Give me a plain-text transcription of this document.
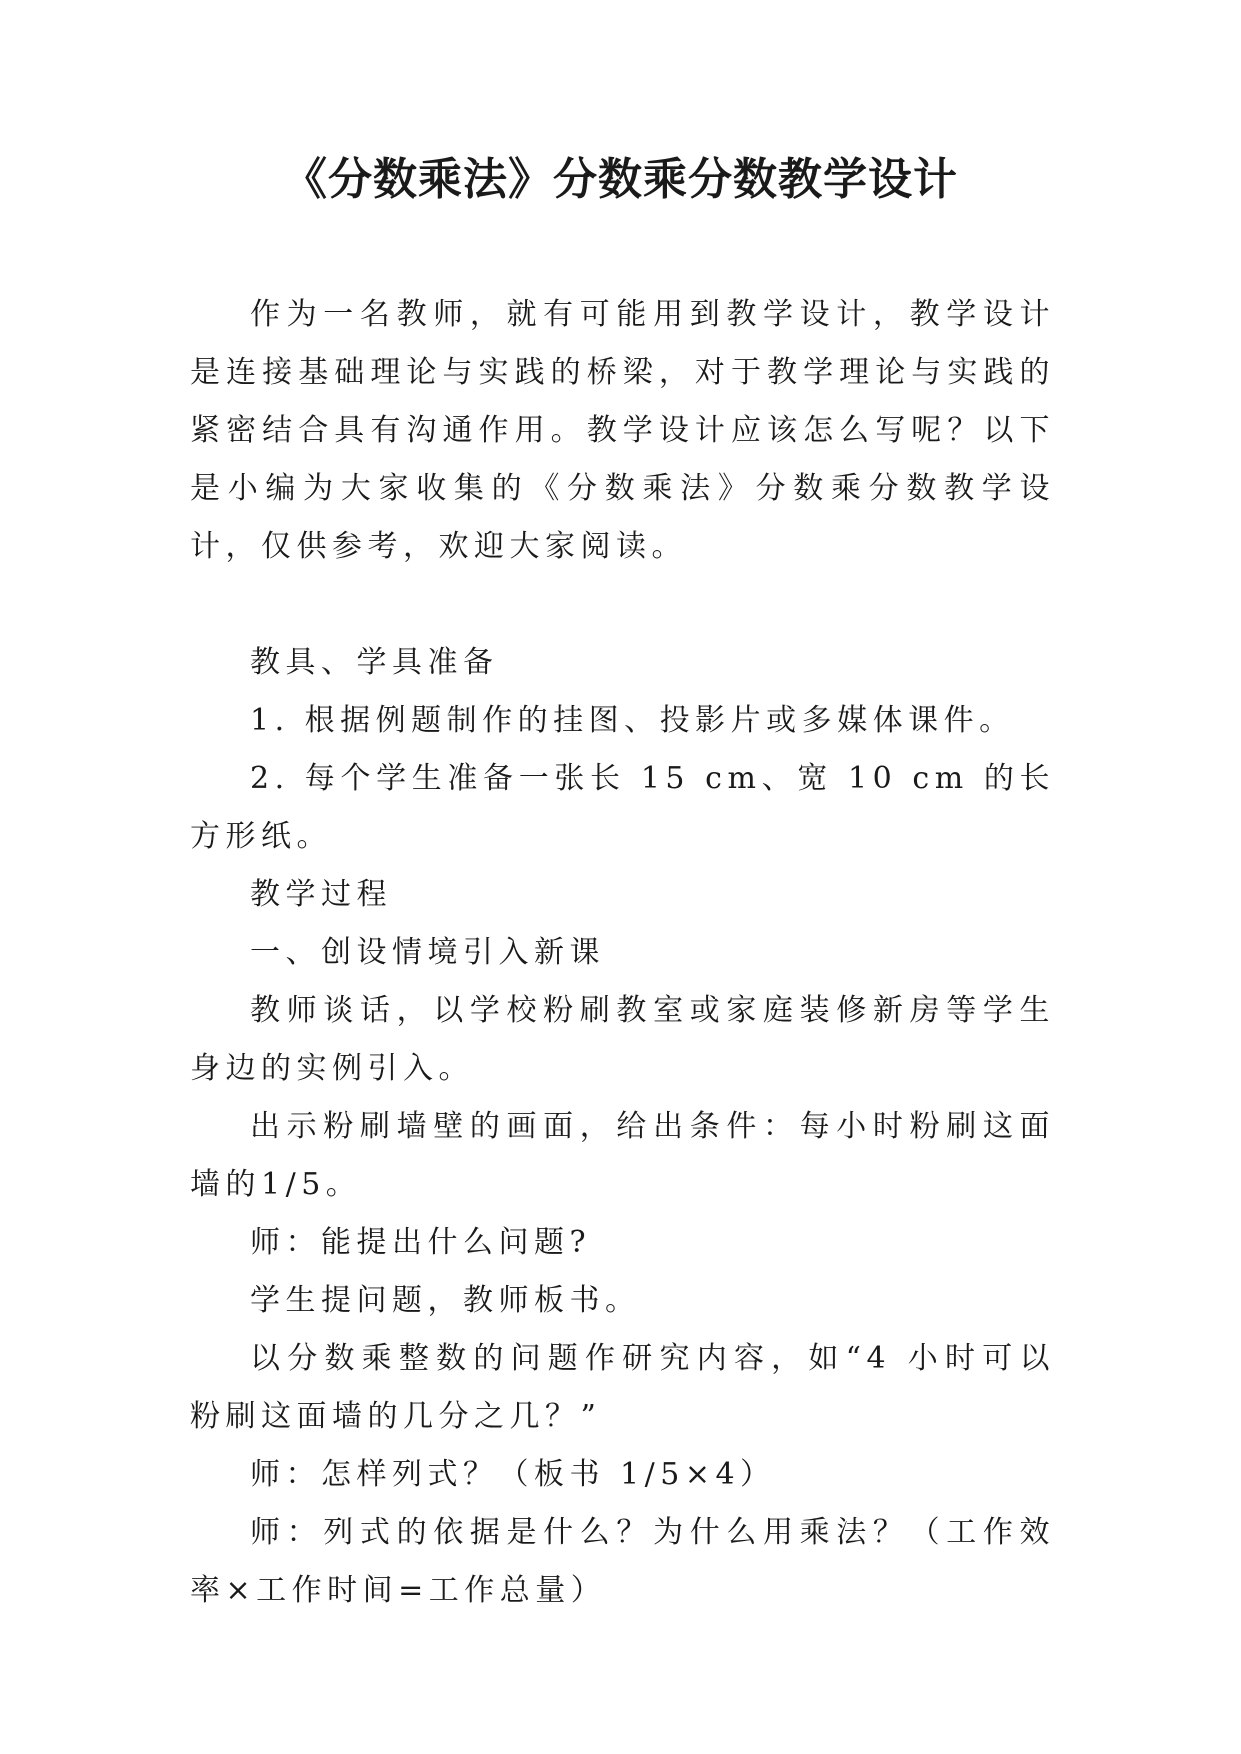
《分数乘法》分数乘分数教学设计

作为一名教师，就有可能用到教学设计，教学设计是连接基础理论与实践的桥梁，对于教学理论与实践的紧密结合具有沟通作用。教学设计应该怎么写呢？以下是小编为大家收集的《分数乘法》分数乘分数教学设计，仅供参考，欢迎大家阅读。

教具、学具准备

1. 根据例题制作的挂图、投影片或多媒体课件。

2. 每个学生准备一张长 15 cm、宽 10 cm 的长方形纸。

教学过程

一、创设情境引入新课

教师谈话，以学校粉刷教室或家庭装修新房等学生身边的实例引入。

出示粉刷墙壁的画面，给出条件：每小时粉刷这面墙的1/5。

师：能提出什么问题?

学生提问题，教师板书。

以分数乘整数的问题作研究内容，如“4 小时可以粉刷这面墙的几分之几？”

师：怎样列式？（板书 1/5×4）

师：列式的依据是什么？为什么用乘法？（工作效率×工作时间=工作总量）
